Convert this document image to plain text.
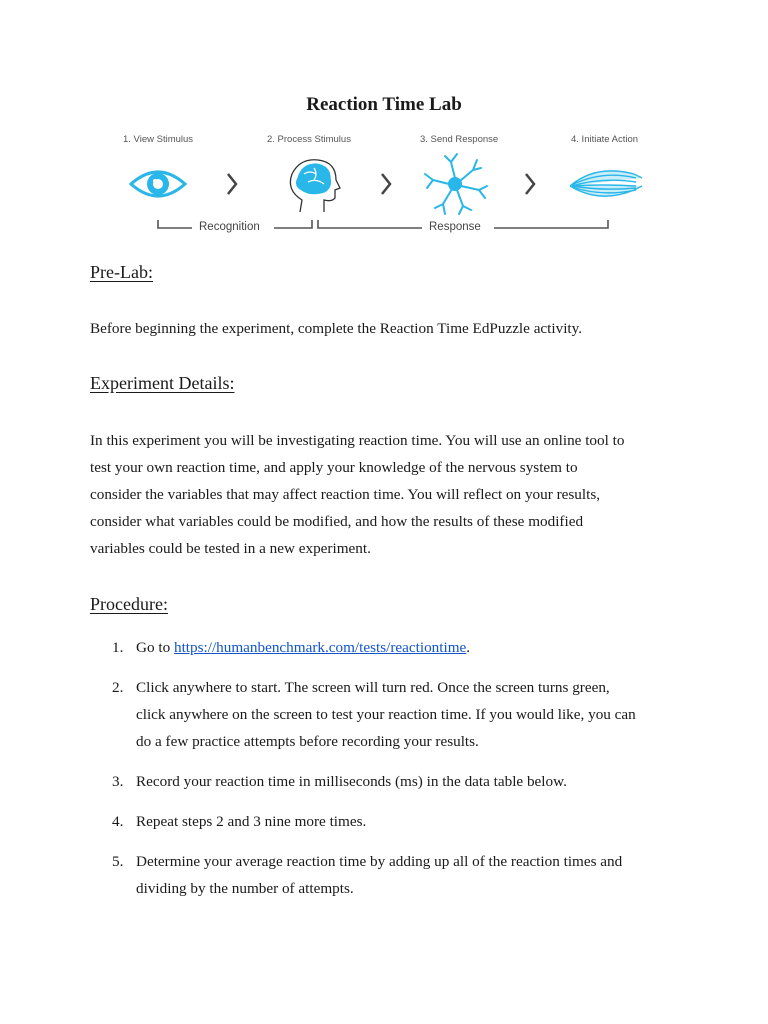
Reaction Time Lab
1. View Stimulus	2. Process Stimulus	3. Send Response	4. Initiate Action
Recognition	Response
Pre-Lab:
Before beginning the experiment, complete the Reaction Time EdPuzzle activity.
Experiment Details:
In this experiment you will be investigating reaction time. You will use an online tool to
test your own reaction time, and apply your knowledge of the nervous system to
consider the variables that may affect reaction time. You will reflect on your results,
consider what variables could be modified, and how the results of these modified
variables could be tested in a new experiment.
Procedure:
1. Go to https://humanbenchmark.com/tests/reactiontime.
2. Click anywhere to start. The screen will turn red. Once the screen turns green,
click anywhere on the screen to test your reaction time. If you would like, you can
do a few practice attempts before recording your results.
3. Record your reaction time in milliseconds (ms) in the data table below.
4. Repeat steps 2 and 3 nine more times.
5. Determine your average reaction time by adding up all of the reaction times and
dividing by the number of attempts.
